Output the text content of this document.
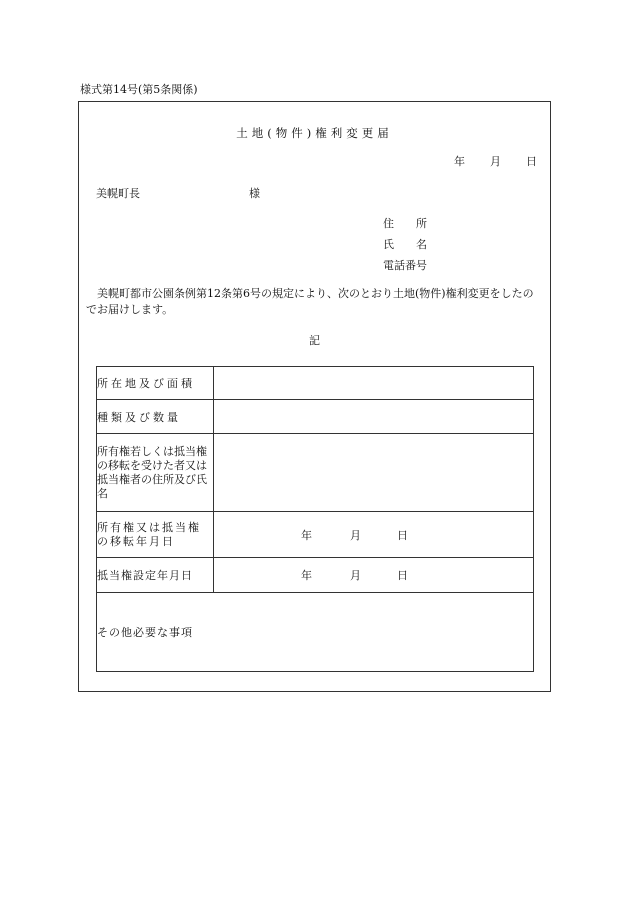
様式第14号(第5条関係)
土地(物件)権利変更届
年 月 日
美幌町長	様
住　　所
氏　　名
電話番号
美幌町都市公園条例第12条第6号の規定により、次のとおり土地(物件)権利変更をしたのでお届けします。
記
所在地及び面積	
種類及び数量	
所有権若しくは抵当権の移転を受けた者又は抵当権者の住所及び氏名	
所有権又は抵当権の移転年月日	年 月 日

抵当権設定年月日	年 月 日

その他必要な事項	
